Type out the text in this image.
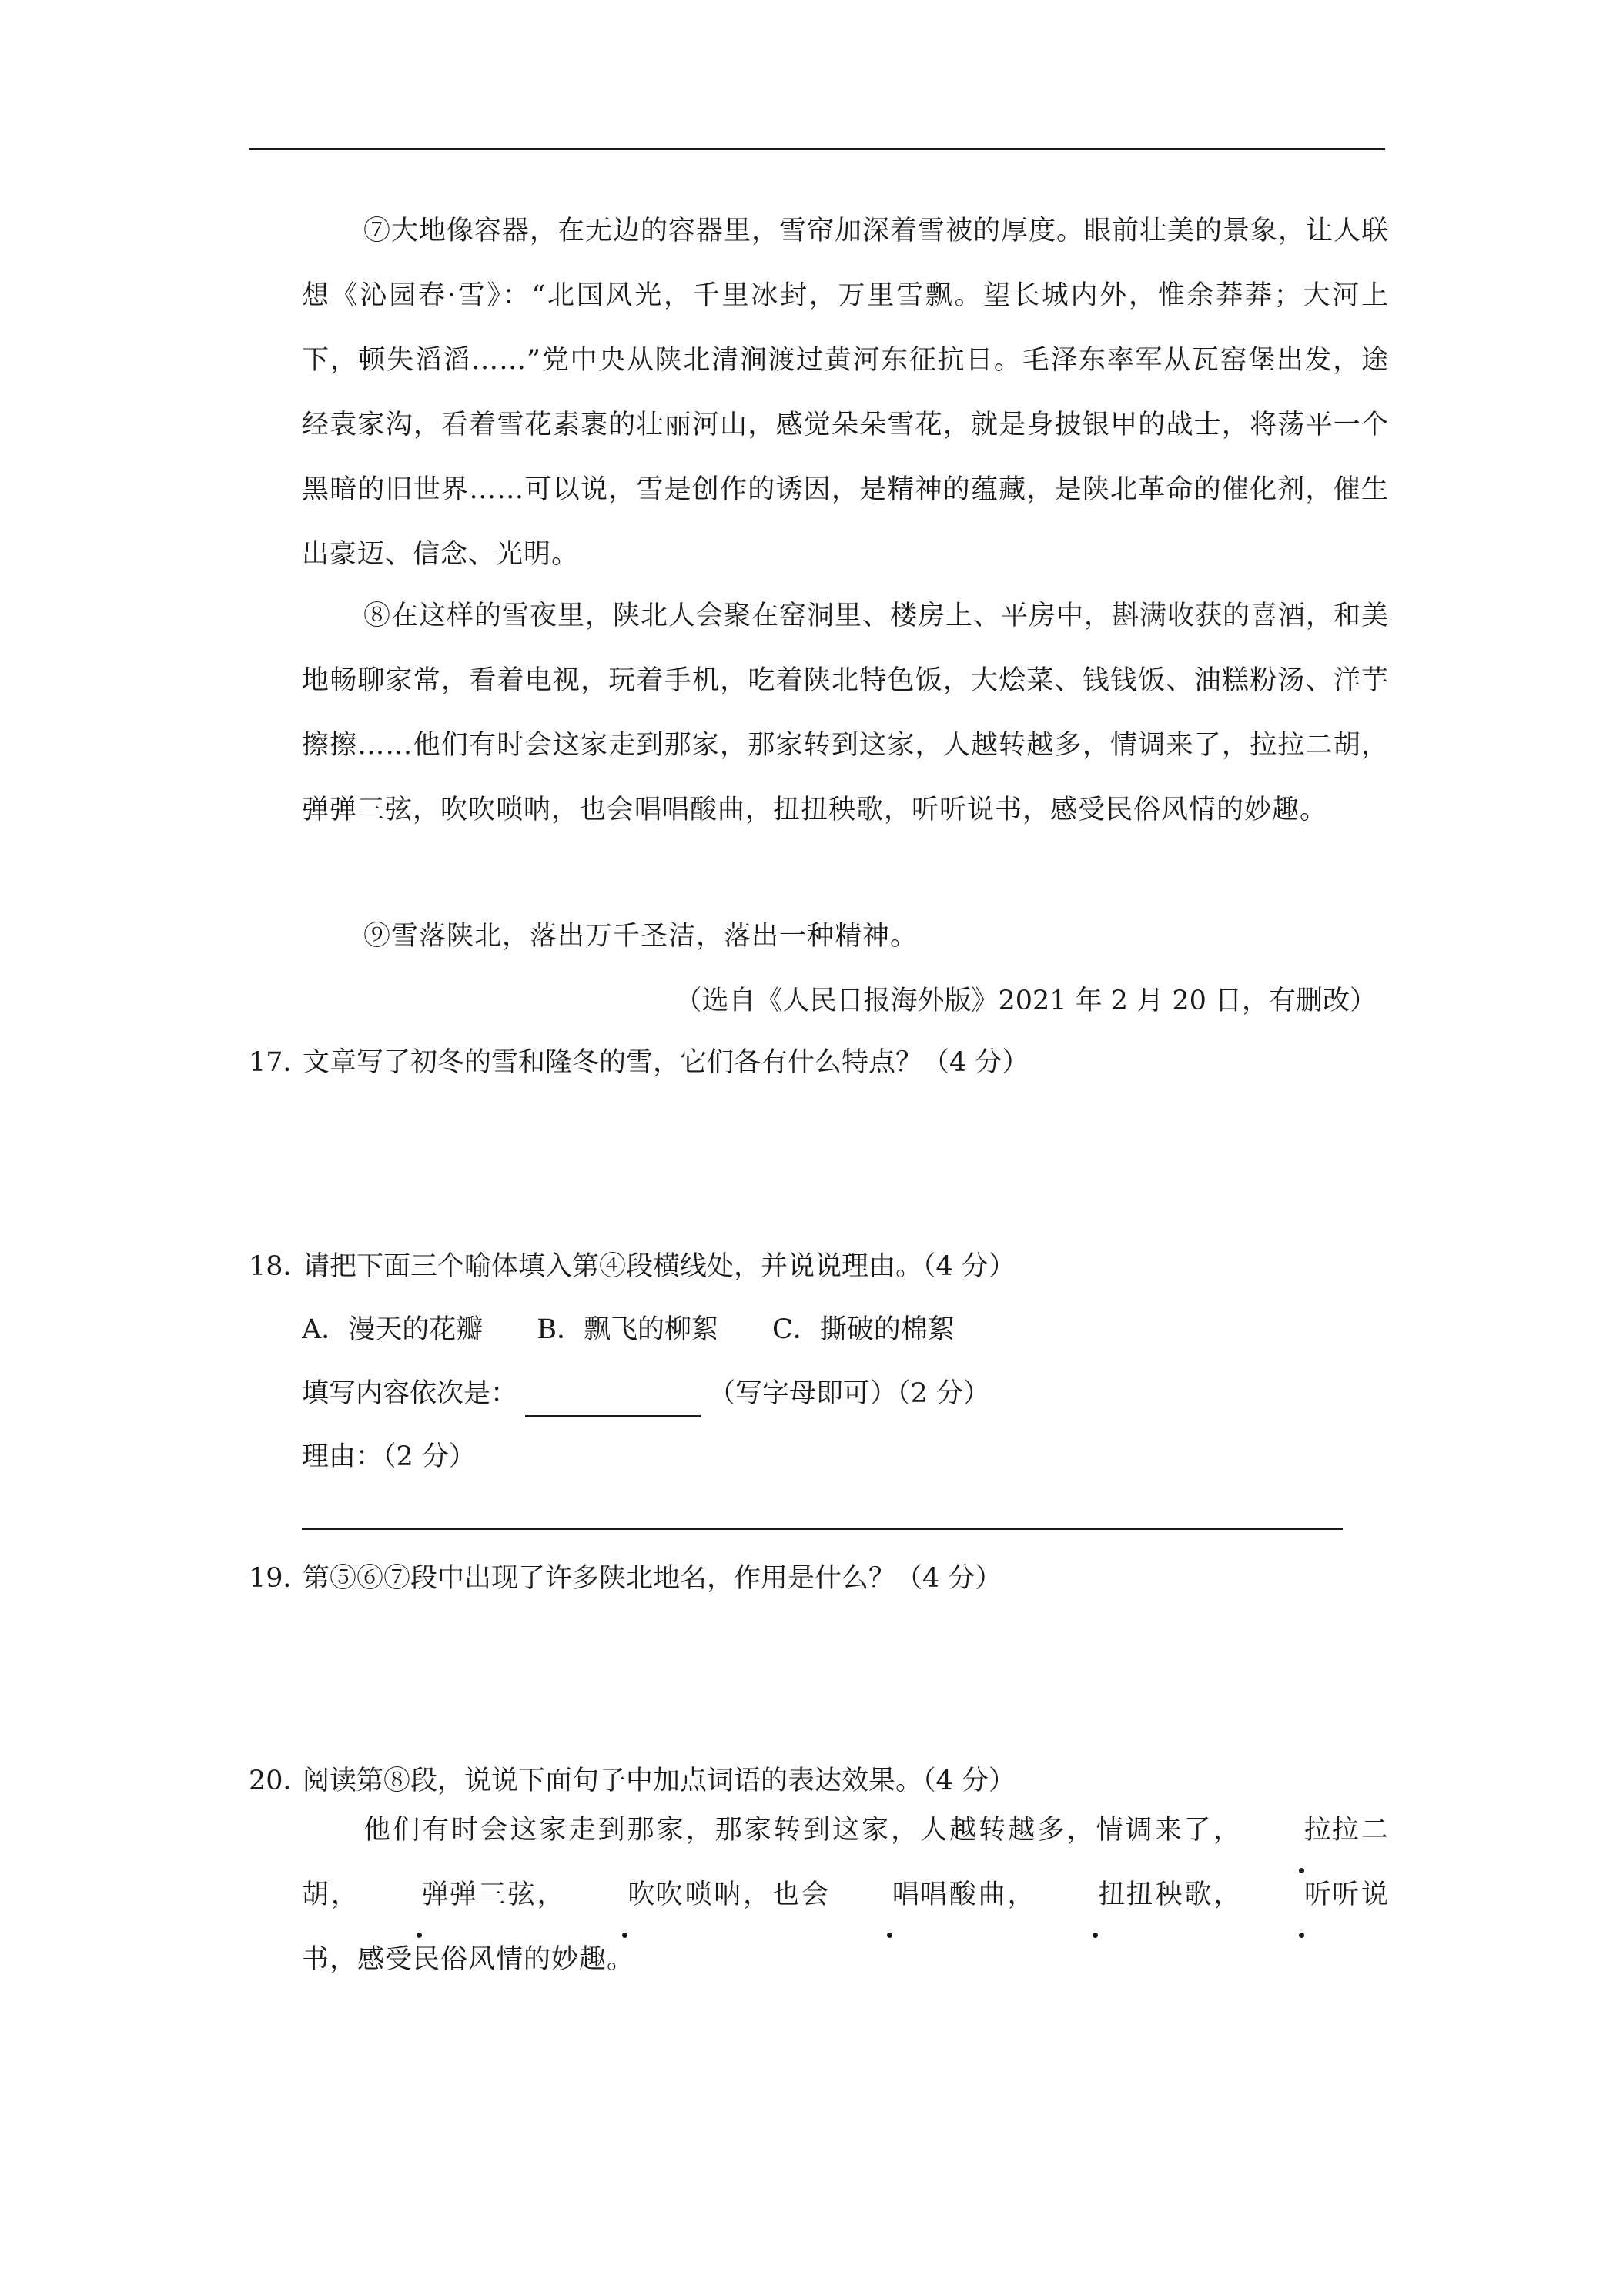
⑦大地像容器，在无边的容器里，雪帘加深着雪被的厚度。眼前壮美的景象，让人联想《沁园春·雪》：“北国风光，千里冰封，万里雪飘。望长城内外，惟余莽莽；大河上下，顿失滔滔……”党中央从陕北清涧渡过黄河东征抗日。毛泽东率军从瓦窑堡出发，途经袁家沟，看着雪花素裹的壮丽河山，感觉朵朵雪花，就是身披银甲的战士，将荡平一个黑暗的旧世界……可以说，雪是创作的诱因，是精神的蕴藏，是陕北革命的催化剂，催生出豪迈、信念、光明。

⑧在这样的雪夜里，陕北人会聚在窑洞里、楼房上、平房中，斟满收获的喜酒，和美地畅聊家常，看着电视，玩着手机，吃着陕北特色饭，大烩菜、钱钱饭、油糕粉汤、洋芋擦擦……他们有时会这家走到那家，那家转到这家，人越转越多，情调来了，拉拉二胡，弹弹三弦，吹吹唢呐，也会唱唱酸曲，扭扭秧歌，听听说书，感受民俗风情的妙趣。

⑨雪落陕北，落出万千圣洁，落出一种精神。

（选自《人民日报海外版》2021 年 2 月 20 日，有删改）

17．文章写了初冬的雪和隆冬的雪，它们各有什么特点？（4 分）

18．请把下面三个喻体填入第④段横线处，并说说理由。（4 分）

A．漫天的花瓣 B．飘飞的柳絮 C．撕破的棉絮

填写内容依次是：	（写字母即可）（2 分）

理由：（2 分）

19．第⑤⑥⑦段中出现了许多陕北地名，作用是什么？（4 分）

20．阅读第⑧段，说说下面句子中加点词语的表达效果。（4 分）

他们有时会这家走到那家，那家转到这家，人越转越多，情调来了， 拉拉二胡， 弹弹三弦， 吹吹唢呐，也会 唱唱酸曲， 扭扭秧歌， 听听说书，感受民俗风情的妙趣。
